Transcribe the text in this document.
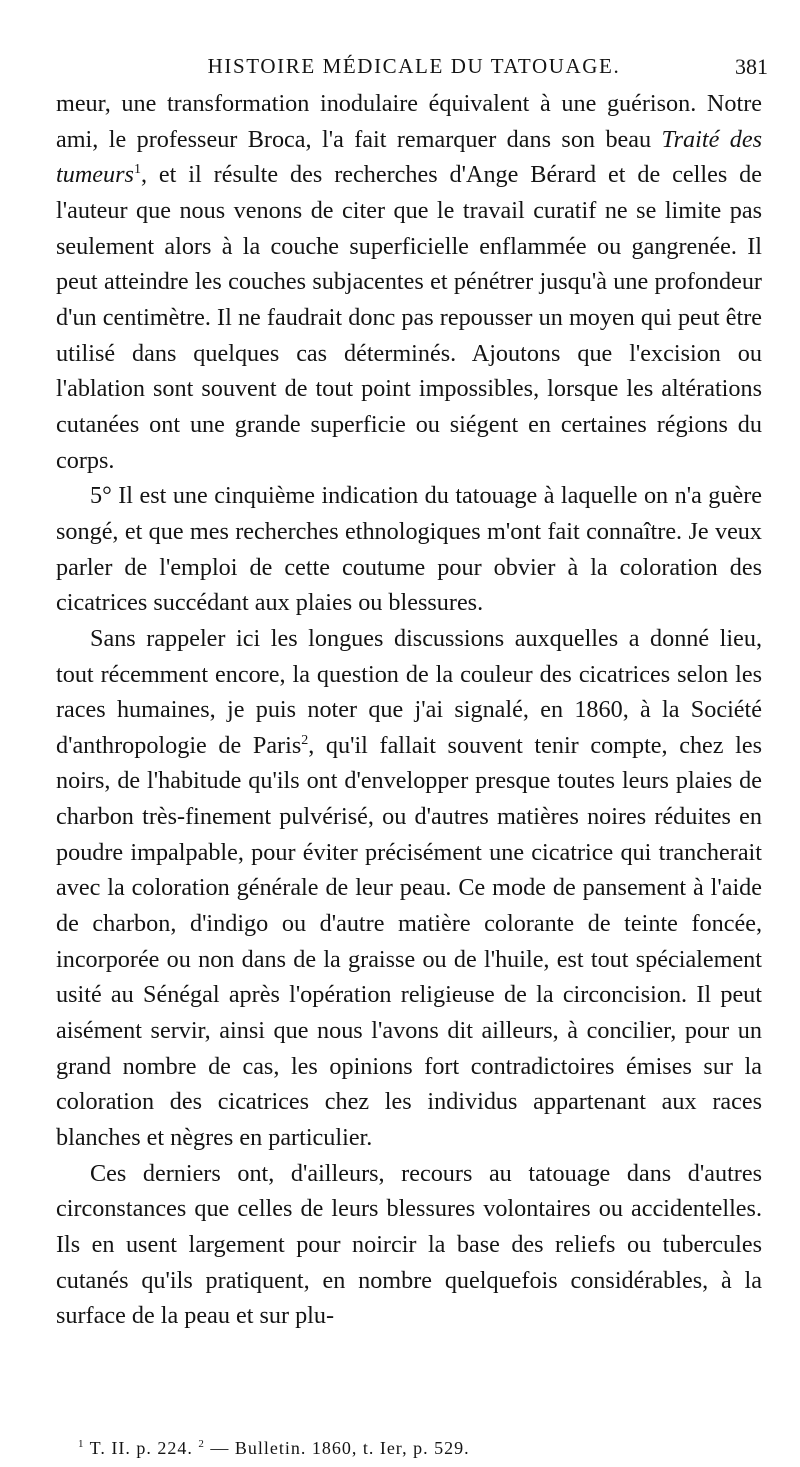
HISTOIRE MÉDICALE DU TATOUAGE.	381

meur, une transformation inodulaire équivalent à une guérison. Notre ami, le professeur Broca, l'a fait remarquer dans son beau Traité des tumeurs$^1$, et il résulte des recherches d'Ange Bérard et de celles de l'auteur que nous venons de citer que le travail curatif ne se limite pas seulement alors à la couche superficielle enflammée ou gangrenée. Il peut atteindre les couches subjacentes et pénétrer jusqu'à une profondeur d'un centimètre. Il ne faudrait donc pas repousser un moyen qui peut être utilisé dans quelques cas déterminés. Ajoutons que l'excision ou l'ablation sont souvent de tout point impossibles, lorsque les altérations cutanées ont une grande superficie ou siégent en certaines régions du corps.

5° Il est une cinquième indication du tatouage à laquelle on n'a guère songé, et que mes recherches ethnologiques m'ont fait connaître. Je veux parler de l'emploi de cette coutume pour obvier à la coloration des cicatrices succédant aux plaies ou blessures.

Sans rappeler ici les longues discussions auxquelles a donné lieu, tout récemment encore, la question de la couleur des cicatrices selon les races humaines, je puis noter que j'ai signalé, en 1860, à la Société d'anthropologie de Paris$^2$, qu'il fallait souvent tenir compte, chez les noirs, de l'habitude qu'ils ont d'envelopper presque toutes leurs plaies de charbon très-finement pulvérisé, ou d'autres matières noires réduites en poudre impalpable, pour éviter précisément une cicatrice qui trancherait avec la coloration générale de leur peau. Ce mode de pansement à l'aide de charbon, d'indigo ou d'autre matière colorante de teinte foncée, incorporée ou non dans de la graisse ou de l'huile, est tout spécialement usité au Sénégal après l'opération religieuse de la circoncision. Il peut aisément servir, ainsi que nous l'avons dit ailleurs, à concilier, pour un grand nombre de cas, les opinions fort contradictoires émises sur la coloration des cicatrices chez les individus appartenant aux races blanches et nègres en particulier.

Ces derniers ont, d'ailleurs, recours au tatouage dans d'autres circonstances que celles de leurs blessures volontaires ou accidentelles. Ils en usent largement pour noircir la base des reliefs ou tubercules cutanés qu'ils pratiquent, en nombre quelquefois considérables, à la surface de la peau et sur plu-

$^1$ T. II. p. 224. $^2$ — Bulletin. 1860, t. Ier, p. 529.
